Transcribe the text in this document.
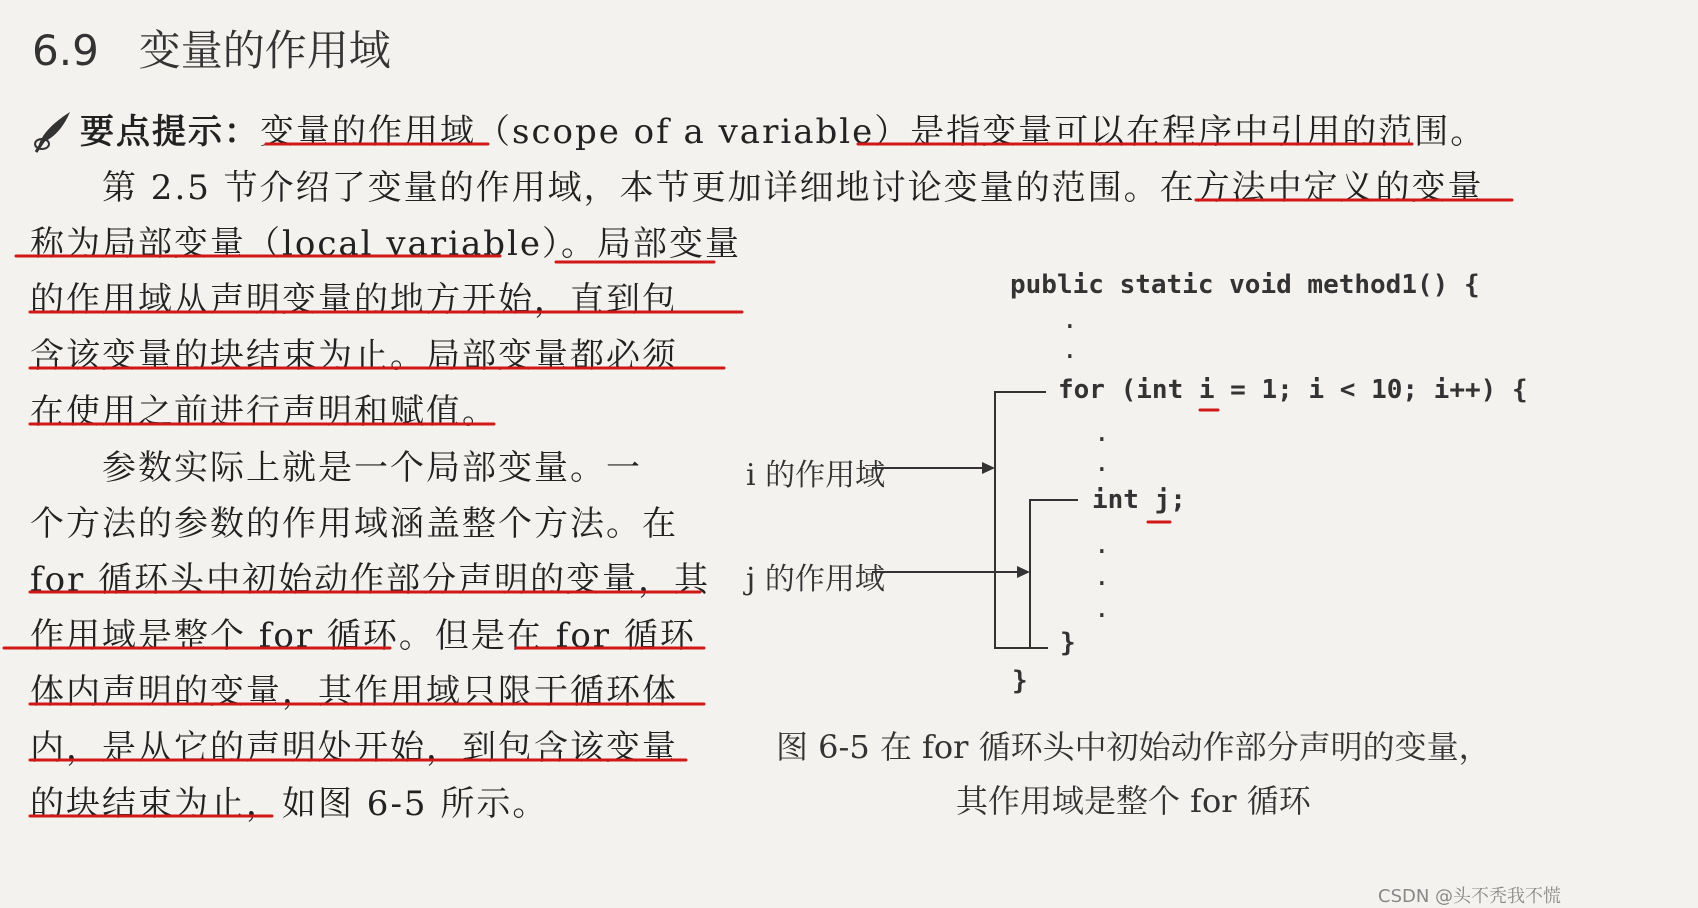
6.9 变量的作用域
要点提示：变量的作用域（scope of a variable）是指变量可以在程序中引用的范围。
第 2.5 节介绍了变量的作用域，本节更加详细地讨论变量的范围。在方法中定义的变量
称为局部变量（local variable）。局部变量
的作用域从声明变量的地方开始，直到包
含该变量的块结束为止。局部变量都必须
在使用之前进行声明和赋值。
参数实际上就是一个局部变量。一
个方法的参数的作用域涵盖整个方法。在
for 循环头中初始动作部分声明的变量，其
作用域是整个 for 循环。但是在 for 循环
体内声明的变量，其作用域只限于循环体
内，是从它的声明处开始，到包含该变量
的块结束为止，如图 6-5 所示。
public static void method1() {
.
.
for (int i = 1; i < 10; i++) {
.
.
int j;
.
.
.
}
}
i 的作用域
j 的作用域
图 6-5 在 for 循环头中初始动作部分声明的变量，
其作用域是整个 for 循环
CSDN @头不秃我不慌
